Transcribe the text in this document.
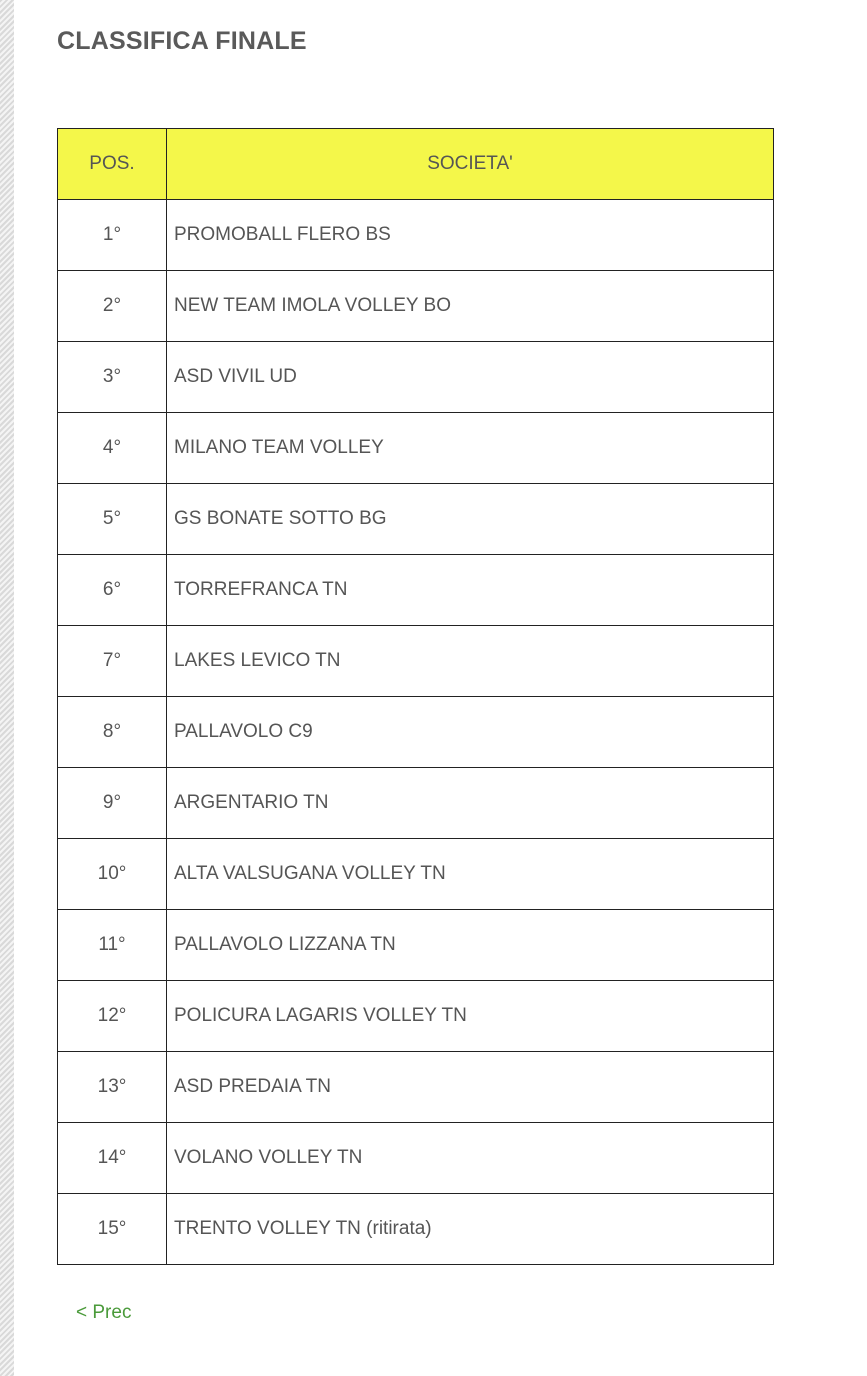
CLASSIFICA FINALE
POS.	SOCIETA'
1°	PROMOBALL FLERO BS
2°	NEW TEAM IMOLA VOLLEY BO
3°	ASD VIVIL UD
4°	MILANO TEAM VOLLEY
5°	GS BONATE SOTTO BG
6°	TORREFRANCA TN
7°	LAKES LEVICO TN
8°	PALLAVOLO C9
9°	ARGENTARIO TN
10°	ALTA VALSUGANA VOLLEY TN
11°	PALLAVOLO LIZZANA TN
12°	POLICURA LAGARIS VOLLEY TN
13°	ASD PREDAIA TN
14°	VOLANO VOLLEY TN
15°	TRENTO VOLLEY TN (ritirata)
< Prec
